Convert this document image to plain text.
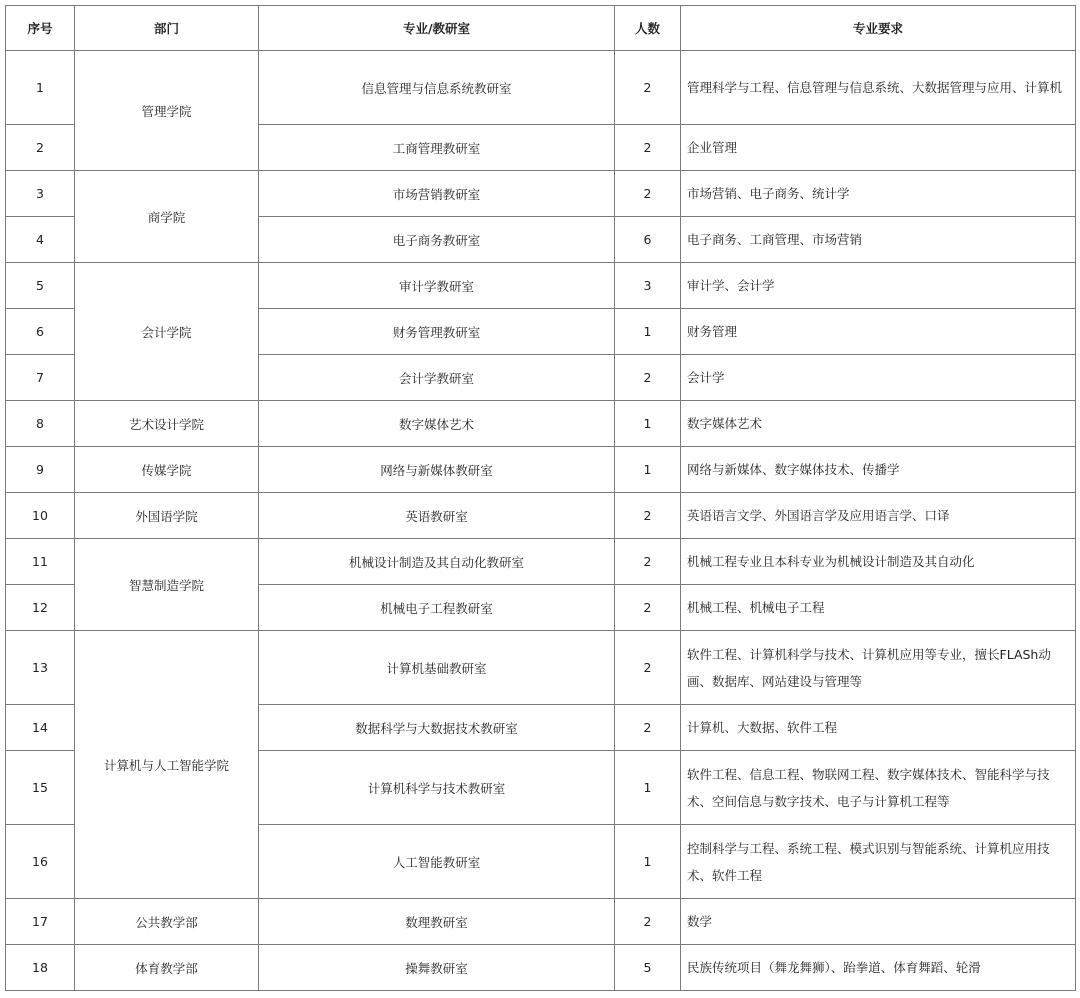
序号	部门	专业/教研室	人数	专业要求
1	管理学院	信息管理与信息系统教研室	2	管理科学与工程、信息管理与信息系统、大数据管理与应用、计算机
2		工商管理教研室	2	企业管理
3	商学院	市场营销教研室	2	市场营销、电子商务、统计学
4		电子商务教研室	6	电子商务、工商管理、市场营销
5	会计学院	审计学教研室	3	审计学、会计学
6		财务管理教研室	1	财务管理
7		会计学教研室	2	会计学
8	艺术设计学院	数字媒体艺术	1	数字媒体艺术
9	传媒学院	网络与新媒体教研室	1	网络与新媒体、数字媒体技术、传播学
10	外国语学院	英语教研室	2	英语语言文学、外国语言学及应用语言学、口译
11	智慧制造学院	机械设计制造及其自动化教研室	2	机械工程专业且本科专业为机械设计制造及其自动化
12		机械电子工程教研室	2	机械工程、机械电子工程
13	计算机与人工智能学院	计算机基础教研室	2	软件工程、计算机科学与技术、计算机应用等专业，擅长FLASh动画、数据库、网站建设与管理等
14		数据科学与大数据技术教研室	2	计算机、大数据、软件工程
15		计算机科学与技术教研室	1	软件工程、信息工程、物联网工程、数字媒体技术、智能科学与技术、空间信息与数字技术、电子与计算机工程等
16		人工智能教研室	1	控制科学与工程、系统工程、模式识别与智能系统、计算机应用技术、软件工程
17	公共教学部	数理教研室	2	数学
18	体育教学部	操舞教研室	5	民族传统项目（舞龙舞狮）、跆拳道、体育舞蹈、轮滑
